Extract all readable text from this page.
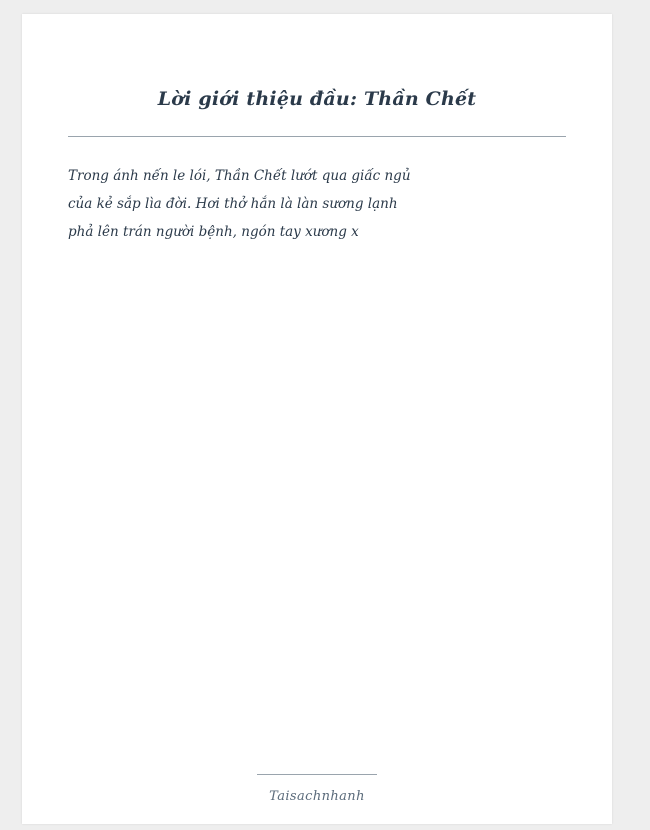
Lời giới thiệu đầu: Thần Chết

Trong ánh nến le lói, Thần Chết lướt qua giấc ngủ

của kẻ sắp lìa đời. Hơi thở hắn là làn sương lạnh

phả lên trán người bệnh, ngón tay xương x

Taisachnhanh
